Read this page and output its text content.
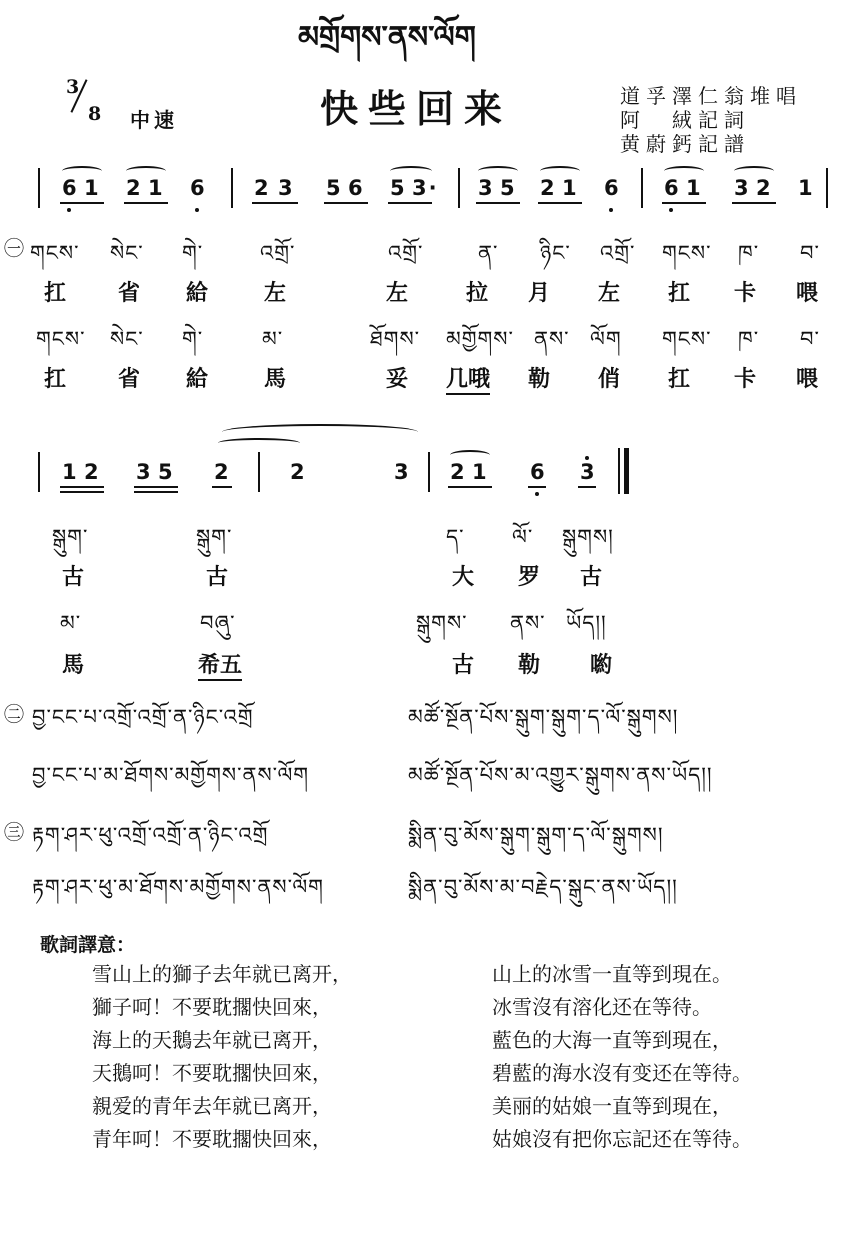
མགྲོགས་ནས་ལོག
3
8 中速	快些回来	道孚澤仁翁堆唱
阿　絨記詞
黄蔚鈣記譜
6 1 2 1 6 2 3 5 6 5 3· 3 5 2 1 6 6 1 3 2 1
㊀ གངས་ སེང་ གེ་	འགྲོ་	འགྲོ་	ན་ ཉིང་ འགྲོ་ གངས་ ཁ་ བ་
扛 省 給	左	左	拉 月 左 扛 卡 喂
གངས་ སེང་ གེ་	མ་	ཐོགས་ མགྱོགས་ ནས་ ལོག གངས་ ཁ་ བ་
扛 省 給	馬	妥 几哦 勒 俏 扛 卡 喂
1 2 3 5 2	2	3 2 1 6 3
སྒུག་	སྒུག་	ད་ ལོ་ སྒུགས།
古	古	大 罗 古
མ་	བཞུ་	སྒུགས་ ནས་ ཡོད།།
馬	希五	古 勒 喲
㊁ བྱ་ངང་པ་འགྲོ་འགྲོ་ན་ཉིང་འགྲོ	མཚོ་སྔོན་པོས་སྒུག་སྒུག་ད་ལོ་སྒུགས།
བྱ་ངང་པ་མ་ཐོགས་མགྱོགས་ནས་ལོག	མཚོ་སྔོན་པོས་མ་འགྱུར་སྒུགས་ནས་ཡོད།།
㊂ རྟག་ཤར་ཕུ་འགྲོ་འགྲོ་ན་ཉིང་འགྲོ	སྨིན་བུ་མོས་སྒུག་སྒུག་ད་ལོ་སྒུགས།
རྟག་ཤར་ཕུ་མ་ཐོགས་མགྱོགས་ནས་ལོག	སྨིན་བུ་མོས་མ་བརྗེད་སྒུང་ནས་ཡོད།།
歌詞譯意：
雪山上的獅子去年就已离开，
獅子呵！不要耽擱快回來，
海上的天鵝去年就已离开，
天鵝呵！不要耽擱快回來，
親爱的青年去年就已离开，
青年呵！不要耽擱快回來，
山上的冰雪一直等到現在。
冰雪沒有溶化还在等待。
藍色的大海一直等到現在，
碧藍的海水沒有变还在等待。
美丽的姑娘一直等到現在，
姑娘沒有把你忘記还在等待。
